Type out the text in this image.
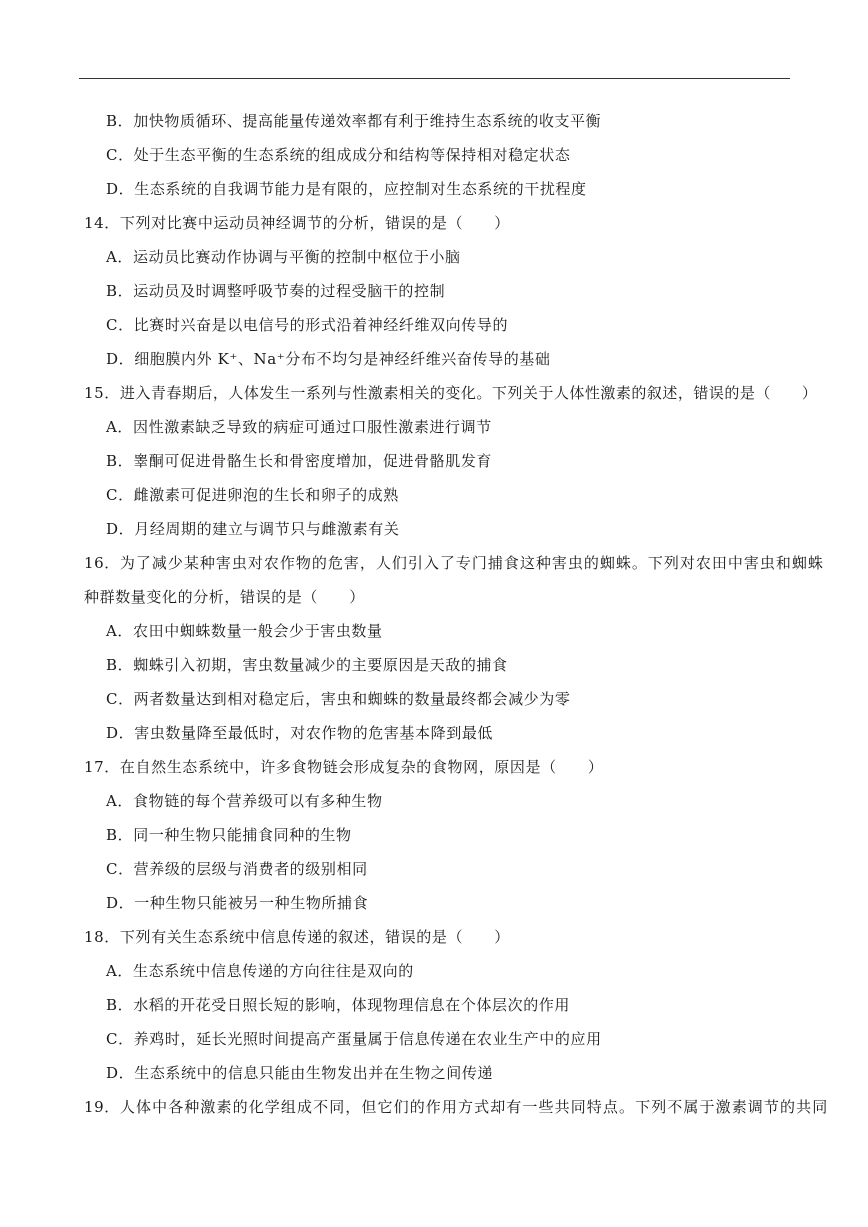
B．加快物质循环、提高能量传递效率都有利于维持生态系统的收支平衡
C．处于生态平衡的生态系统的组成成分和结构等保持相对稳定状态
D．生态系统的自我调节能力是有限的，应控制对生态系统的干扰程度
14．下列对比赛中运动员神经调节的分析，错误的是（　　）
A．运动员比赛动作协调与平衡的控制中枢位于小脑
B．运动员及时调整呼吸节奏的过程受脑干的控制
C．比赛时兴奋是以电信号的形式沿着神经纤维双向传导的
D．细胞膜内外 K⁺、Na⁺分布不均匀是神经纤维兴奋传导的基础
15．进入青春期后，人体发生一系列与性激素相关的变化。下列关于人体性激素的叙述，错误的是（　　）
A．因性激素缺乏导致的病症可通过口服性激素进行调节
B．睾酮可促进骨骼生长和骨密度增加，促进骨骼肌发育
C．雌激素可促进卵泡的生长和卵子的成熟
D．月经周期的建立与调节只与雌激素有关
16．为了减少某种害虫对农作物的危害，人们引入了专门捕食这种害虫的蜘蛛。下列对农田中害虫和蜘蛛
种群数量变化的分析，错误的是（　　）
A．农田中蜘蛛数量一般会少于害虫数量
B．蜘蛛引入初期，害虫数量减少的主要原因是天敌的捕食
C．两者数量达到相对稳定后，害虫和蜘蛛的数量最终都会减少为零
D．害虫数量降至最低时，对农作物的危害基本降到最低
17．在自然生态系统中，许多食物链会形成复杂的食物网，原因是（　　）
A．食物链的每个营养级可以有多种生物
B．同一种生物只能捕食同种的生物
C．营养级的层级与消费者的级别相同
D．一种生物只能被另一种生物所捕食
18．下列有关生态系统中信息传递的叙述，错误的是（　　）
A．生态系统中信息传递的方向往往是双向的
B．水稻的开花受日照长短的影响，体现物理信息在个体层次的作用
C．养鸡时，延长光照时间提高产蛋量属于信息传递在农业生产中的应用
D．生态系统中的信息只能由生物发出并在生物之间传递
19．人体中各种激素的化学组成不同，但它们的作用方式却有一些共同特点。下列不属于激素调节的共同
